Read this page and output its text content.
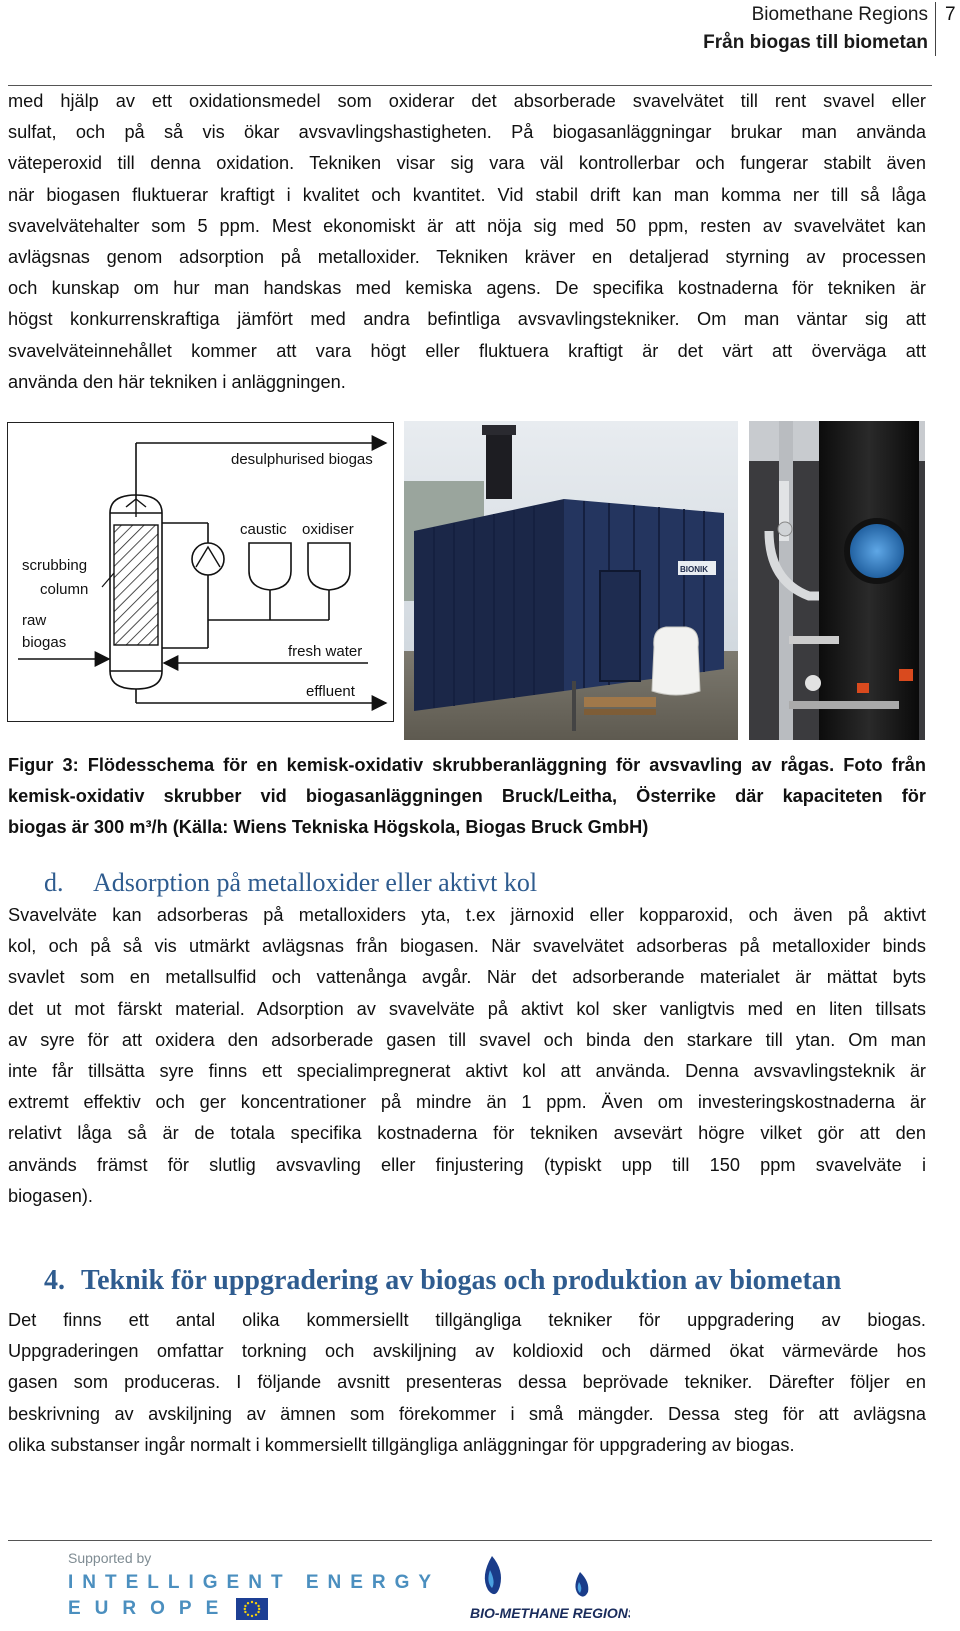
Biomethane Regions
Från biogas till biometan
7
med hjälp av ett oxidationsmedel som oxiderar det absorberade svavelvätet till rent svavel eller
sulfat, och på så vis ökar avsvavlingshastigheten. På biogasanläggningar brukar man använda
väteperoxid till denna oxidation. Tekniken visar sig vara väl kontrollerbar och fungerar stabilt även
när biogasen fluktuerar kraftigt i kvalitet och kvantitet. Vid stabil drift kan man komma ner till så låga
svavelvätehalter som 5 ppm. Mest ekonomiskt är att nöja sig med 50 ppm, resten av svavelvätet kan
avlägsnas genom adsorption på metalloxider. Tekniken kräver en detaljerad styrning av processen
och kunskap om hur man handskas med kemiska agens. De specifika kostnaderna för tekniken är
högst konkurrenskraftiga jämfört med andra befintliga avsvavlingstekniker. Om man väntar sig att
svavelväteinnehållet kommer att vara högt eller fluktuera kraftigt är det värt att överväga att
använda den här tekniken i anläggningen.
desulphurised biogas
scrubbing
column
raw
biogas
caustic oxidiser
fresh water
effluent
BIONIK
Figur 3: Flödesschema för en kemisk-oxidativ skrubberanläggning för avsvavling av rågas. Foto från
kemisk-oxidativ skrubber vid biogasanläggningen Bruck/Leitha, Österrike där kapaciteten för
biogas är 300 m³/h (Källa: Wiens Tekniska Högskola, Biogas Bruck GmbH)
d. Adsorption på metalloxider eller aktivt kol
Svavelväte kan adsorberas på metalloxiders yta, t.ex järnoxid eller kopparoxid, och även på aktivt
kol, och på så vis utmärkt avlägsnas från biogasen. När svavelvätet adsorberas på metalloxider binds
svavlet som en metallsulfid och vattenånga avgår. När det adsorberande materialet är mättat byts
det ut mot färskt material. Adsorption av svavelväte på aktivt kol sker vanligtvis med en liten tillsats
av syre för att oxidera den adsorberade gasen till svavel och binda den starkare till ytan. Om man
inte får tillsätta syre finns ett specialimpregnerat aktivt kol att använda. Denna avsvavlingsteknik är
extremt effektiv och ger koncentrationer på mindre än 1 ppm. Även om investeringskostnaderna är
relativt låga så är de totala specifika kostnaderna för tekniken avsevärt högre vilket gör att den
används främst för slutlig avsvavling eller finjustering (typiskt upp till 150 ppm svavelväte i
biogasen).
4. Teknik för uppgradering av biogas och produktion av biometan
Det finns ett antal olika kommersiellt tillgängliga tekniker för uppgradering av biogas.
Uppgraderingen omfattar torkning och avskiljning av koldioxid och därmed ökat värmevärde hos
gasen som produceras. I följande avsnitt presenteras dessa beprövade tekniker. Därefter följer en
beskrivning av avskiljning av ämnen som förekommer i små mängder. Dessa steg för att avlägsna
olika substanser ingår normalt i kommersiellt tillgängliga anläggningar för uppgradering av biogas.
Supported by
INTELLIGENT ENERGY
EUROPE	BIO-METHANE REGIONS
